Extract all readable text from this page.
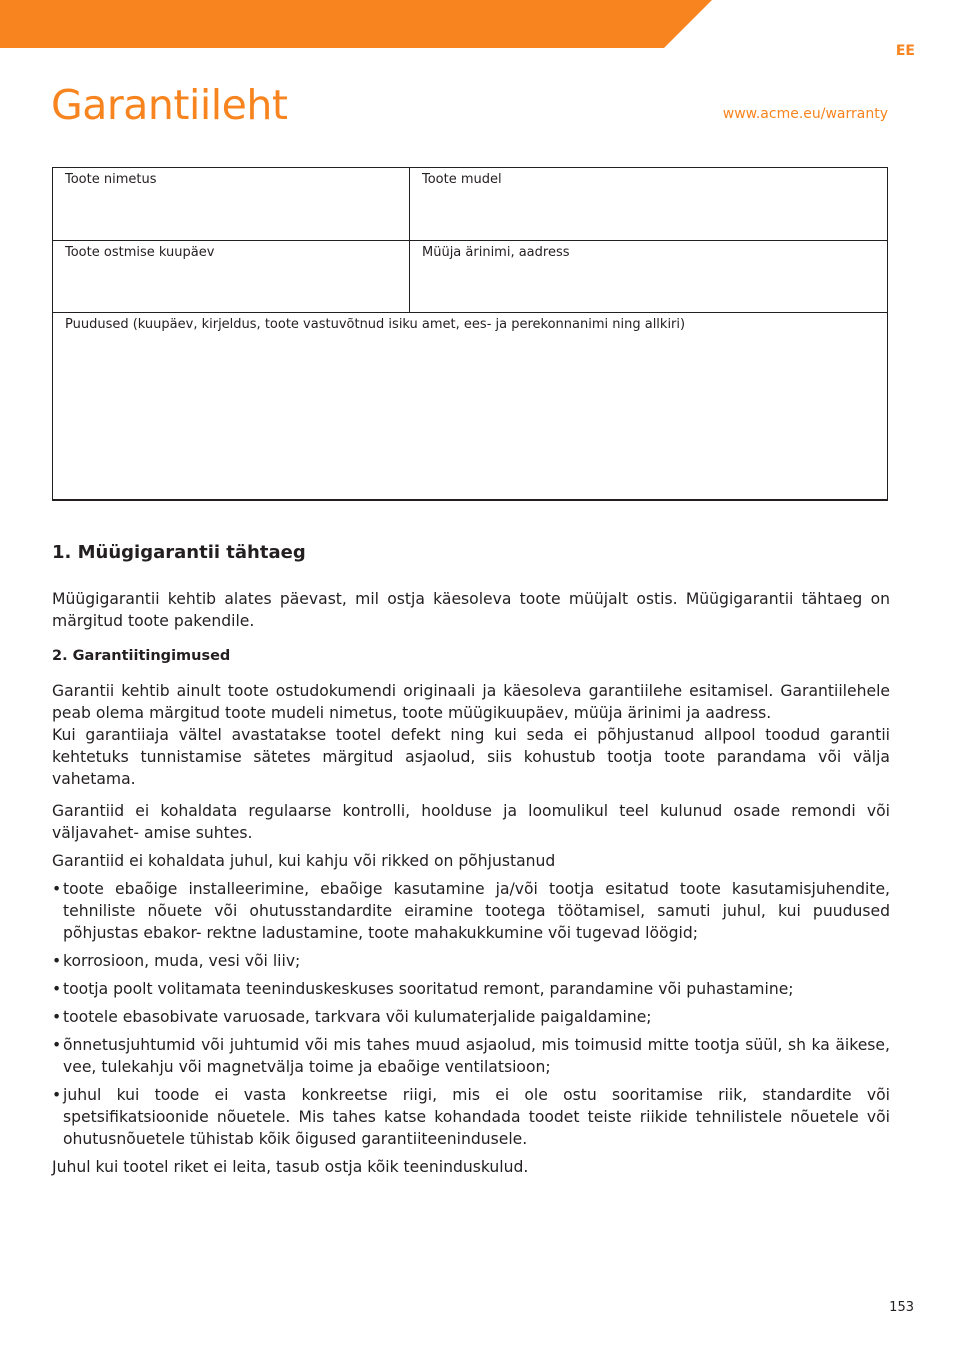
EE
Garantiileht	www.acme.eu/warranty
Toote nimetus	Toote mudel
Toote ostmise kuupäev	Müüja ärinimi, aadress
Puudused (kuupäev, kirjeldus, toote vastuvõtnud isiku amet, ees- ja perekonnanimi ning allkiri)	
1. Müügigarantii tähtaeg

Müügigarantii kehtib alates päevast, mil ostja käesoleva toote müüjalt ostis. Müügigarantii tähtaeg on märgitud toote pakendile.

2. Garantiitingimused

Garantii kehtib ainult toote ostudokumendi originaali ja käesoleva garantiilehe esitamisel. Garantiilehele peab olema märgitud toote mudeli nimetus, toote müügikuupäev, müüja ärinimi ja aadress.

Kui garantiiaja vältel avastatakse tootel defekt ning kui seda ei põhjustanud allpool toodud garantii kehtetuks tunnistamise sätetes märgitud asjaolud, siis kohustub tootja toote parandama või välja vahetama.

Garantiid ei kohaldata regulaarse kontrolli, hoolduse ja loomulikul teel kulunud osade remondi või väljavahet- amise suhtes.

Garantiid ei kohaldata juhul, kui kahju või rikked on põhjustanud

• toote ebaõige installeerimine, ebaõige kasutamine ja/või tootja esitatud toote kasutamisjuhendite, tehniliste nõuete või ohutusstandardite eiramine tootega töötamisel, samuti juhul, kui puudused põhjustas ebakor- rektne ladustamine, toote mahakukkumine või tugevad löögid;
• korrosioon, muda, vesi või liiv;
• tootja poolt volitamata teeninduskeskuses sooritatud remont, parandamine või puhastamine;
• tootele ebasobivate varuosade, tarkvara või kulumaterjalide paigaldamine;
• õnnetusjuhtumid või juhtumid või mis tahes muud asjaolud, mis toimusid mitte tootja süül, sh ka äikese, vee, tulekahju või magnetvälja toime ja ebaõige ventilatsioon;
• juhul kui toode ei vasta konkreetse riigi, mis ei ole ostu sooritamise riik, standardite või spetsifikatsioonide nõuetele. Mis tahes katse kohandada toodet teiste riikide tehnilistele nõuetele või ohutusnõuetele tühistab kõik õigused garantiiteenindusele.

Juhul kui tootel riket ei leita, tasub ostja kõik teeninduskulud.

153
